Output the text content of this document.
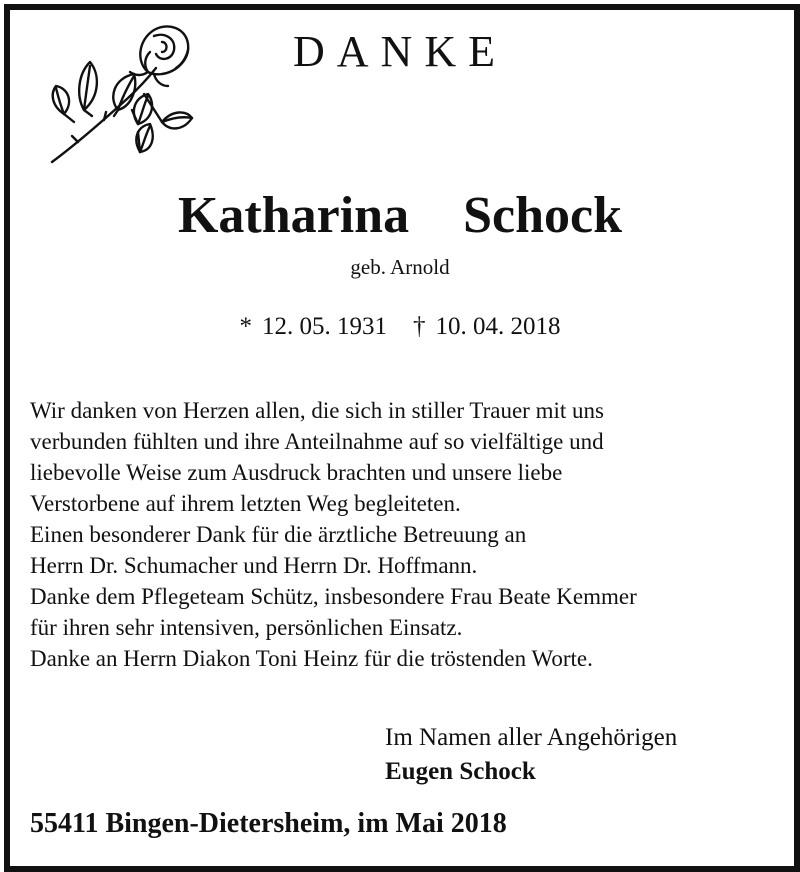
DANKE
Katharina  Schock
geb. Arnold
* 12. 05. 1931 † 10. 04. 2018
Wir danken von Herzen allen, die sich in stiller Trauer mit uns
verbunden fühlten und ihre Anteilnahme auf so vielfältige und
liebevolle Weise zum Ausdruck brachten und unsere liebe
Verstorbene auf ihrem letzten Weg begleiteten.
Einen besonderer Dank für die ärztliche Betreuung an
Herrn Dr. Schumacher und Herrn Dr. Hoffmann.
Danke dem Pflegeteam Schütz, insbesondere Frau Beate Kemmer
für ihren sehr intensiven, persönlichen Einsatz.
Danke an Herrn Diakon Toni Heinz für die tröstenden Worte.
Im Namen aller Angehörigen
Eugen Schock
55411 Bingen-Dietersheim, im Mai 2018
